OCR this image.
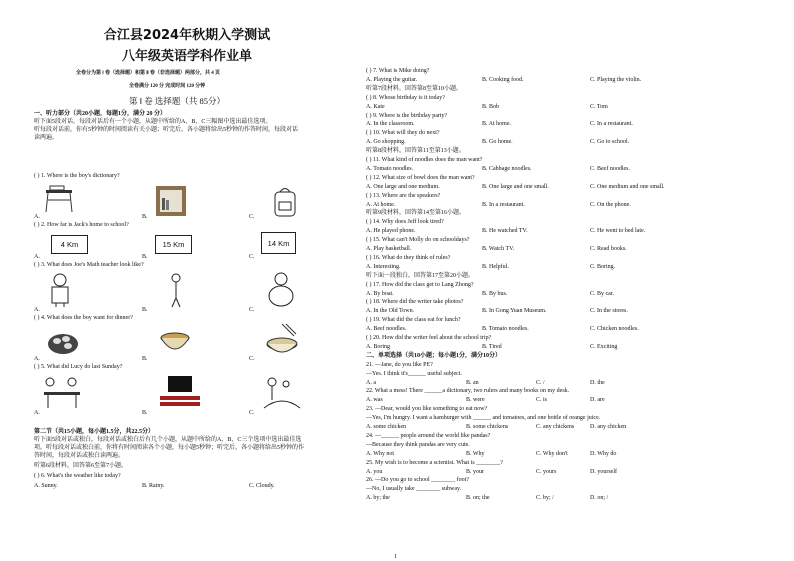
合江县2024年秋期入学测试
八年级英语学科作业单
全卷分为第 Ⅰ 卷（选择题）和第 Ⅱ 卷（非选择题）两部分，共 4 页
全卷满分 120 分 完成时间 120 分钟
第 Ⅰ 卷 选择题（共 85分）
一、听力部分（共20小题，每题1分，满分 20 分）
听下面5段对话，每段对话后有一个小题，从题中所给的A、B、C三幅图中选出最佳选项。
听每段对话前，你有5秒钟的时间阅读有关小题；听完后，各小题将给出5秒钟的作答时间，每段对话
读两遍。
( ) 1. Where is the boy's dictionary?
A.	B.	C.
( ) 2. How far is Jack's home to school?
4 Km	15 Km	14 Km
A.	B.	C.
( ) 3. What does Joe's Math teacher look like?
A.	B.	C.
( ) 4. What does the boy want for dinner?
A.	B.	C.
( ) 5. What did Lucy do last Sunday?
A.	B.	C.
第二节（共15小题，每小题1.5分，共22.5分）
听下面5段对话或独白，每段对话或独白后有几个小题，从题中所给的A、B、C三个选项中选出最佳选
项。听每段对话或独白前，你将有时间阅读各个小题，每小题5秒钟；听完后，各小题将给出5秒钟的作
答时间，每段对话或独白读两遍。
听第6段材料，回答第6至第7小题。
( ) 6. What's the weather like today?
A. Sunny.	B. Rainy.	C. Cloudy.
( ) 7. What is Mike doing?
A. Playing the guitar.	B. Cooking food.	C. Playing the violin.
听第7段材料，回答第8至第10小题。
( ) 8. Whose birthday is it today?
A. Kate	B. Bob	C. Tom
( ) 9. Where is the birthday party?
A. In the classroom.	B. At home.	C. In a restaurant.
( ) 10. What will they do next?
A. Go shopping.	B. Go home.	C. Go to school.
听第8段材料，回答第11至第13小题。
( ) 11. What kind of noodles does the man want?
A. Tomato noodles.	B. Cabbage noodles.	C. Beef noodles.
( ) 12. What size of bowl does the man want?
A. One large and one medium.	B. One large and one small.	C. One medium and one small.
( ) 13. Where are the speakers?
A. At home.	B. In a restaurant.	C. On the phone.
听第9段材料，回答第14至第16小题。
( ) 14. Why does Jeff look tired?
A. He played phone.	B. He watched TV.	C. He went to bed late.
( ) 15. What can't Molly do on schooldays?
A. Play basketball.	B. Watch TV.	C. Read books.
( ) 16. What do they think of rules?
A. Interesting.	B. Helpful.	C. Boring.
听下面一段独白，回答第17至第20小题。
( ) 17. How did the class get to Lang Zhong?
A. By boat.	B. By bus.	C. By car.
( ) 18. Where did the writer take photos?
A. In the Old Town.	B. In Gong Yuan Museum.	C. In the stores.
( ) 19. What did the class eat for lunch?
A. Beef noodles.	B. Tomato noodles.	C. Chicken noodles.
( ) 20. How did the writer feel about the school trip?
A. Boring	B. Tired	C. Exciting
二、单项选择（共10小题；每小题1分，满分10分）
21. —Jane, do you like PE?
—Yes. I think it's______ useful subject.
A. a	B. an	C. /	D. the
22. What a mess! There ______a dictionary, two rulers and many books on my desk.
A. was	B. were	C. is	D. are
23. —Dear, would you like something to eat now?
—Yes, I'm hungry. I want a hamburger with ______ and tomatoes, and one bottle of orange juice.
A. some chicken	B. some chickens	C. any chickens	D. any chicken
24. —______ people around the world like pandas?
—Because they think pandas are very cute.
A. Why not	B. Why	C. Why don't	D. Why do
25. My wish is to become a scientist. What is ________?
A. you	B. your	C. yours	D. yourself
26. —Do you go to school ________ foot?
—No, I usually take ________ subway.
A. by; the	B. on; the	C. by; /	D. on; /
1
